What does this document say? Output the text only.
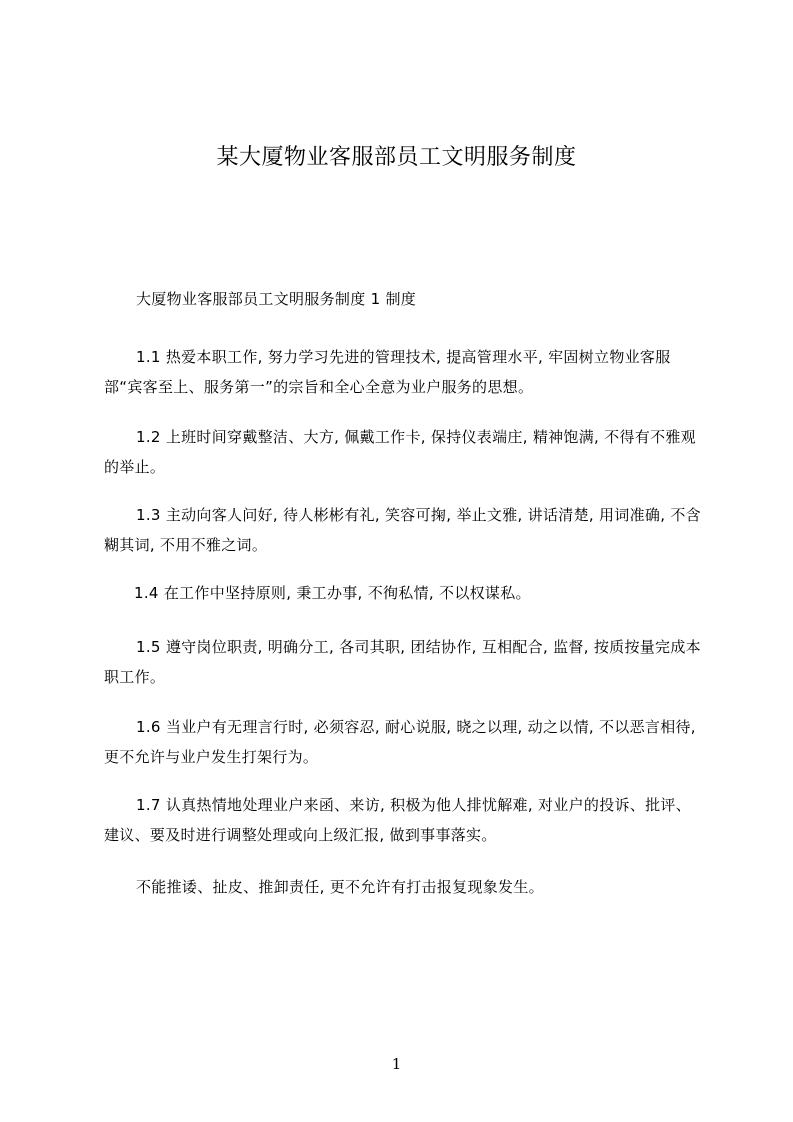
某大厦物业客服部员工文明服务制度
大厦物业客服部员工文明服务制度 1 制度

1.1 热爱本职工作, 努力学习先进的管理技术, 提高管理水平, 牢固树立物业客服部“宾客至上、服务第一”的宗旨和全心全意为业户服务的思想。

1.2 上班时间穿戴整洁、大方, 佩戴工作卡, 保持仪表端庄, 精神饱满, 不得有不雅观的举止。

1.3 主动向客人问好, 待人彬彬有礼, 笑容可掬, 举止文雅, 讲话清楚, 用词准确, 不含糊其词, 不用不雅之词。

1.4 在工作中坚持原则, 秉工办事, 不徇私情, 不以权谋私。

1.5 遵守岗位职责, 明确分工, 各司其职, 团结协作, 互相配合, 监督, 按质按量完成本职工作。

1.6 当业户有无理言行时, 必须容忍, 耐心说服, 晓之以理, 动之以情, 不以恶言相待, 更不允许与业户发生打架行为。

1.7 认真热情地处理业户来函、来访, 积极为他人排忧解难, 对业户的投诉、批评、建议、要及时进行调整处理或向上级汇报, 做到事事落实。

不能推诿、扯皮、推卸责任, 更不允许有打击报复现象发生。

1
